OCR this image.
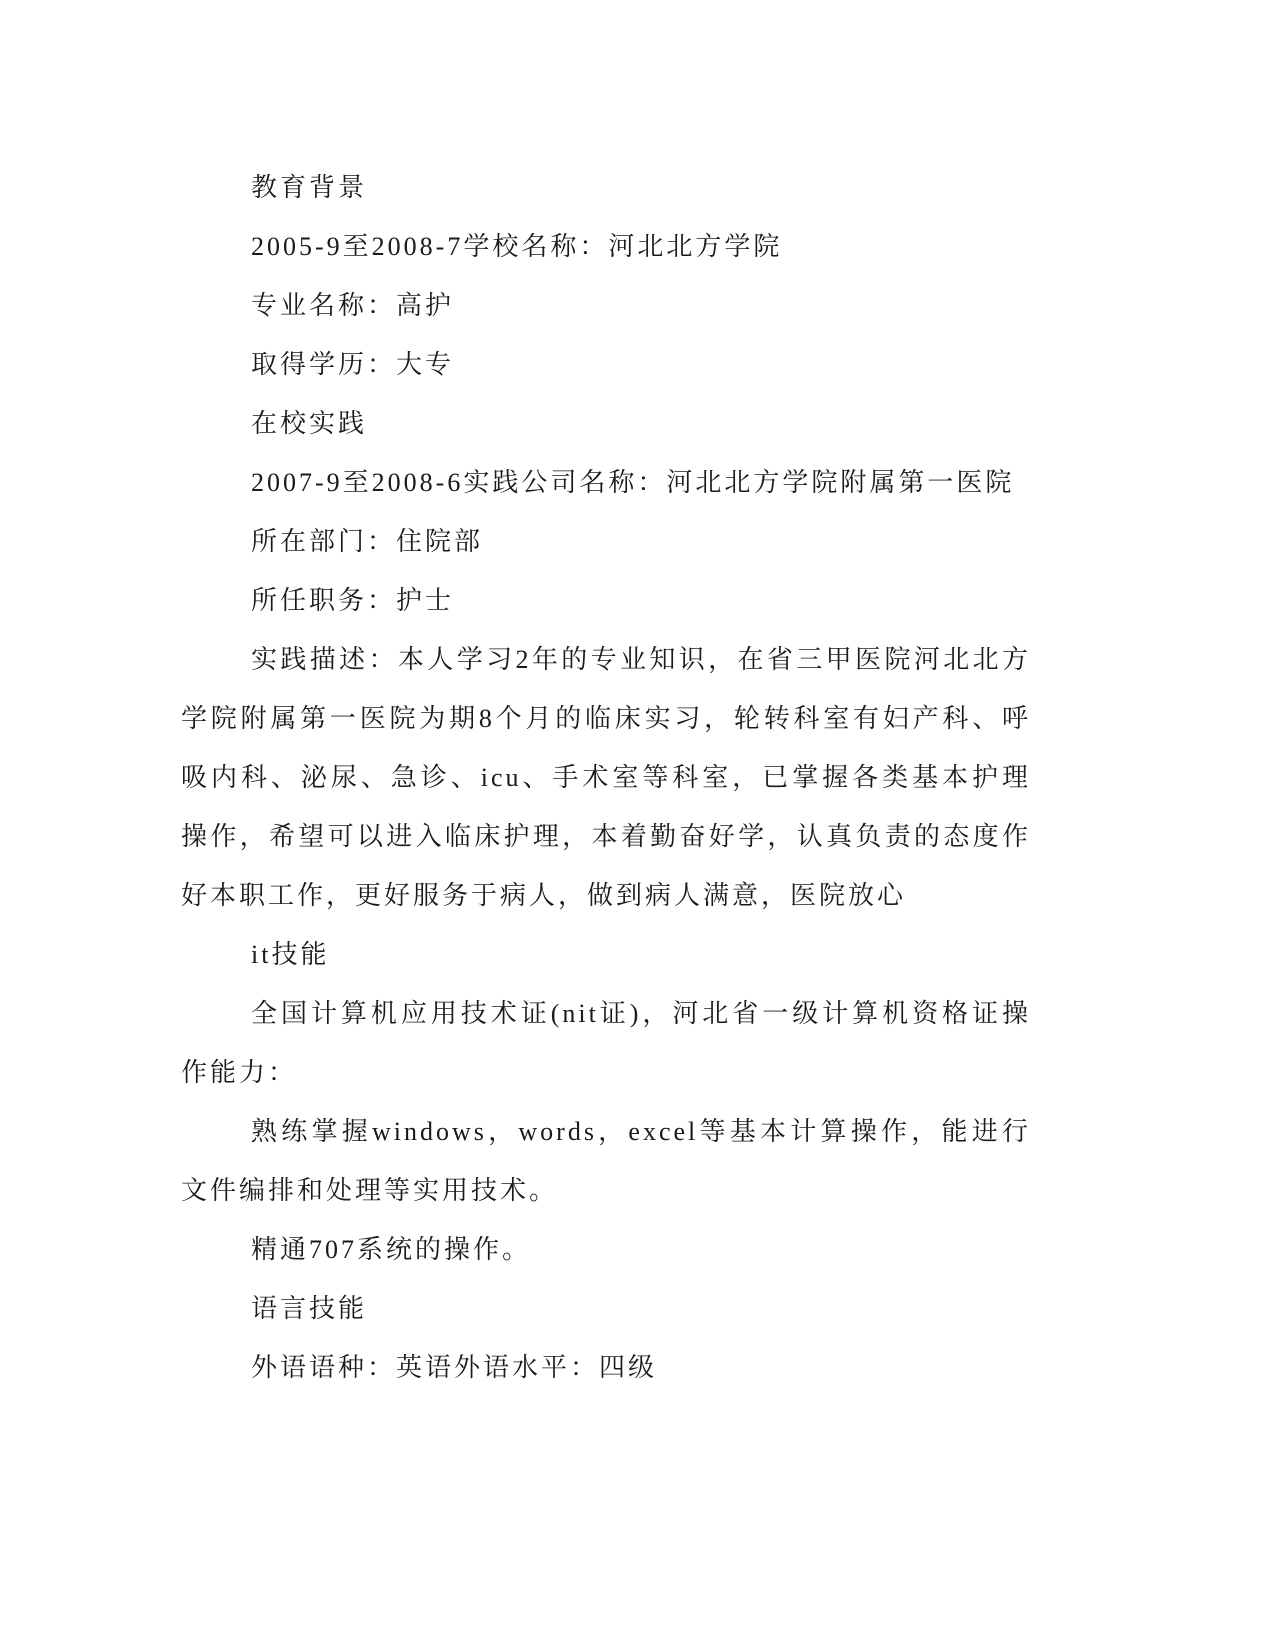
教育背景

2005-9至2008-7学校名称：河北北方学院

专业名称：高护

取得学历：大专

在校实践

2007-9至2008-6实践公司名称：河北北方学院附属第一医院

所在部门：住院部

所任职务：护士

实践描述：本人学习2年的专业知识，在省三甲医院河北北方学院附属第一医院为期8个月的临床实习，轮转科室有妇产科、呼吸内科、泌尿、急诊、icu、手术室等科室，已掌握各类基本护理操作，希望可以进入临床护理，本着勤奋好学，认真负责的态度作好本职工作，更好服务于病人，做到病人满意，医院放心

it技能

全国计算机应用技术证(nit证)，河北省一级计算机资格证操作能力：

熟练掌握windows，words，excel等基本计算操作，能进行文件编排和处理等实用技术。

精通707系统的操作。

语言技能

外语语种：英语外语水平：四级
